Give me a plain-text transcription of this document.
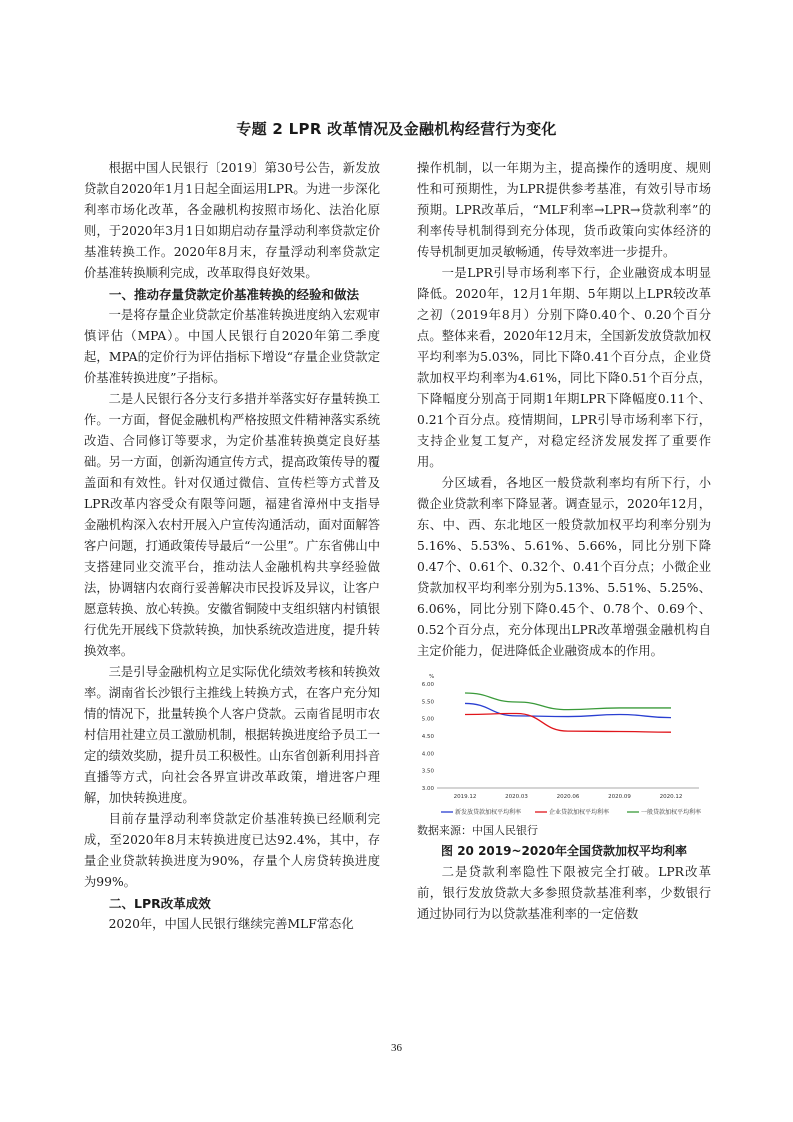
专题 2 LPR 改革情况及金融机构经营行为变化

根据中国人民银行〔2019〕第30号公告，新发放贷款自2020年1月1日起全面运用LPR。为进一步深化利率市场化改革，各金融机构按照市场化、法治化原则，于2020年3月1日如期启动存量浮动利率贷款定价基准转换工作。2020年8月末，存量浮动利率贷款定价基准转换顺利完成，改革取得良好效果。

一、推动存量贷款定价基准转换的经验和做法

一是将存量企业贷款定价基准转换进度纳入宏观审慎评估（MPA）。中国人民银行自2020年第二季度起，MPA的定价行为评估指标下增设“存量企业贷款定价基准转换进度”子指标。

二是人民银行各分支行多措并举落实好存量转换工作。一方面，督促金融机构严格按照文件精神落实系统改造、合同修订等要求，为定价基准转换奠定良好基础。另一方面，创新沟通宣传方式，提高政策传导的覆盖面和有效性。针对仅通过微信、宣传栏等方式普及LPR改革内容受众有限等问题，福建省漳州中支指导金融机构深入农村开展入户宣传沟通活动，面对面解答客户问题，打通政策传导最后“一公里”。广东省佛山中支搭建同业交流平台，推动法人金融机构共享经验做法，协调辖内农商行妥善解决市民投诉及异议，让客户愿意转换、放心转换。安徽省铜陵中支组织辖内村镇银行优先开展线下贷款转换，加快系统改造进度，提升转换效率。

三是引导金融机构立足实际优化绩效考核和转换效率。湖南省长沙银行主推线上转换方式，在客户充分知情的情况下，批量转换个人客户贷款。云南省昆明市农村信用社建立员工激励机制，根据转换进度给予员工一定的绩效奖励，提升员工积极性。山东省创新利用抖音直播等方式，向社会各界宣讲改革政策，增进客户理解，加快转换进度。

目前存量浮动利率贷款定价基准转换已经顺利完成，至2020年8月末转换进度已达92.4%，其中，存量企业贷款转换进度为90%，存量个人房贷转换进度为99%。

二、LPR改革成效

2020年，中国人民银行继续完善MLF常态化

操作机制，以一年期为主，提高操作的透明度、规则性和可预期性，为LPR提供参考基准，有效引导市场预期。LPR改革后，“MLF利率→LPR→贷款利率”的利率传导机制得到充分体现，货币政策向实体经济的传导机制更加灵敏畅通，传导效率进一步提升。

一是LPR引导市场利率下行，企业融资成本明显降低。2020年，12月1年期、5年期以上LPR较改革之初（2019年8月）分别下降0.40个、0.20个百分点。整体来看，2020年12月末，全国新发放贷款加权平均利率为5.03%，同比下降0.41个百分点，企业贷款加权平均利率为4.61%，同比下降0.51个百分点，下降幅度分别高于同期1年期LPR下降幅度0.11个、0.21个百分点。疫情期间，LPR引导市场利率下行，支持企业复工复产，对稳定经济发展发挥了重要作用。

分区域看，各地区一般贷款利率均有所下行，小微企业贷款利率下降显著。调查显示，2020年12月，东、中、西、东北地区一般贷款加权平均利率分别为5.16%、5.53%、5.61%、5.66%，同比分别下降0.47个、0.61个、0.32个、0.41个百分点；小微企业贷款加权平均利率分别为5.13%、5.51%、5.25%、6.06%，同比分别下降0.45个、0.78个、0.69个、0.52个百分点，充分体现出LPR改革增强金融机构自主定价能力，促进降低企业融资成本的作用。

%
6.00
5.50
5.00
4.50
4.00
3.50
3.00
2019.12	2020.03	2020.06	2020.09	2020.12
新发放贷款加权平均利率	企业贷款加权平均利率	一般贷款加权平均利率

数据来源：中国人民银行

图 20 2019~2020年全国贷款加权平均利率

二是贷款利率隐性下限被完全打破。LPR改革前，银行发放贷款大多参照贷款基准利率，少数银行通过协同行为以贷款基准利率的一定倍数

36
